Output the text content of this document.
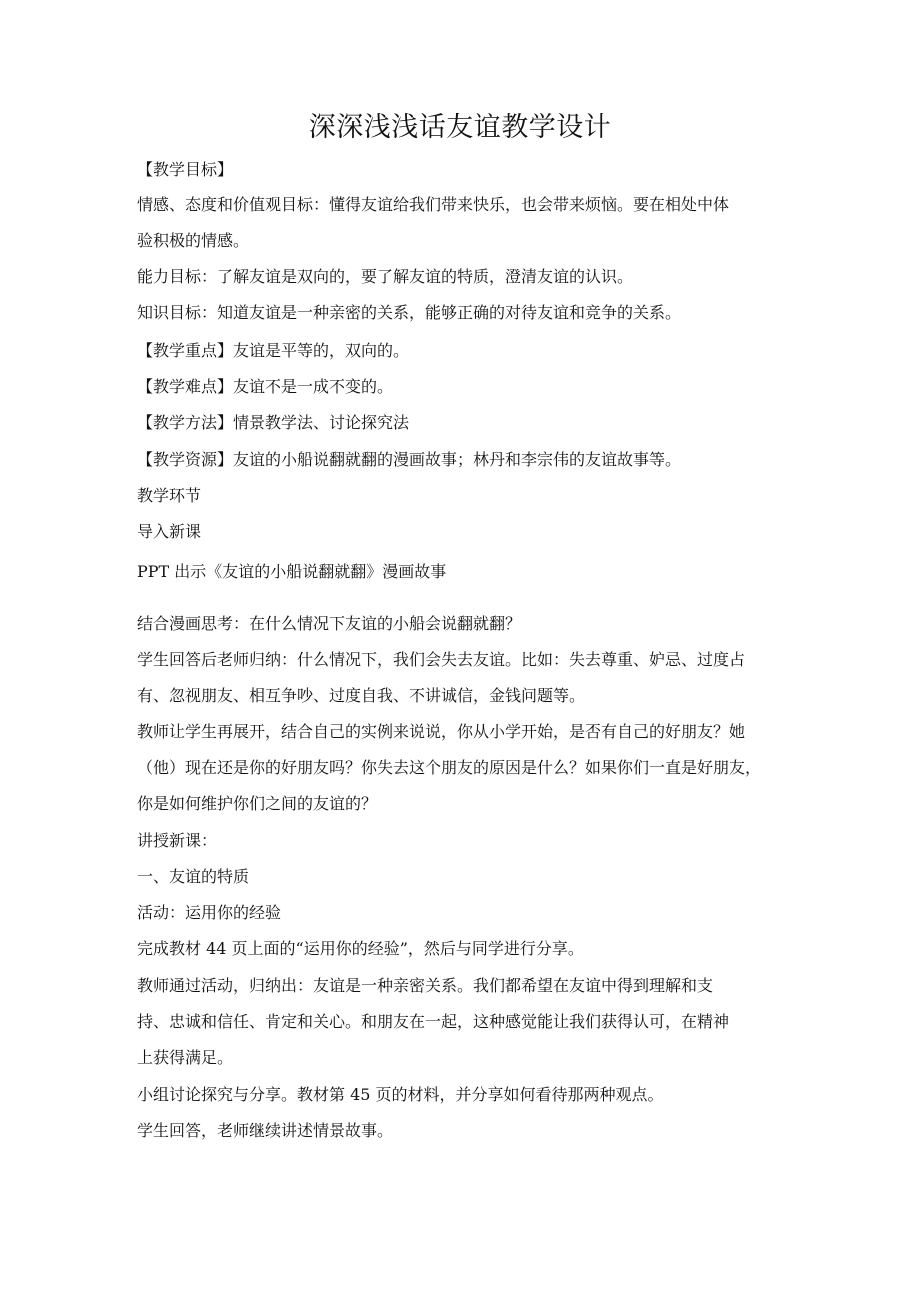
深深浅浅话友谊教学设计

【教学目标】

情感、态度和价值观目标：懂得友谊给我们带来快乐，也会带来烦恼。要在相处中体

验积极的情感。

能力目标：了解友谊是双向的，要了解友谊的特质，澄清友谊的认识。

知识目标：知道友谊是一种亲密的关系，能够正确的对待友谊和竞争的关系。

【教学重点】友谊是平等的，双向的。

【教学难点】友谊不是一成不变的。

【教学方法】情景教学法、讨论探究法

【教学资源】友谊的小船说翻就翻的漫画故事；林丹和李宗伟的友谊故事等。

教学环节

导入新课

PPT 出示《友谊的小船说翻就翻》漫画故事

结合漫画思考：在什么情况下友谊的小船会说翻就翻？

学生回答后老师归纳：什么情况下，我们会失去友谊。比如：失去尊重、妒忌、过度占

有、忽视朋友、相互争吵、过度自我、不讲诚信，金钱问题等。

教师让学生再展开，结合自己的实例来说说，你从小学开始，是否有自己的好朋友？她

（他）现在还是你的好朋友吗？你失去这个朋友的原因是什么？如果你们一直是好朋友，

你是如何维护你们之间的友谊的？

讲授新课：

一、友谊的特质

活动：运用你的经验

完成教材 44 页上面的“运用你的经验”，然后与同学进行分享。

教师通过活动，归纳出：友谊是一种亲密关系。我们都希望在友谊中得到理解和支

持、忠诚和信任、肯定和关心。和朋友在一起，这种感觉能让我们获得认可，在精神

上获得满足。

小组讨论探究与分享。教材第 45 页的材料，并分享如何看待那两种观点。

学生回答，老师继续讲述情景故事。
